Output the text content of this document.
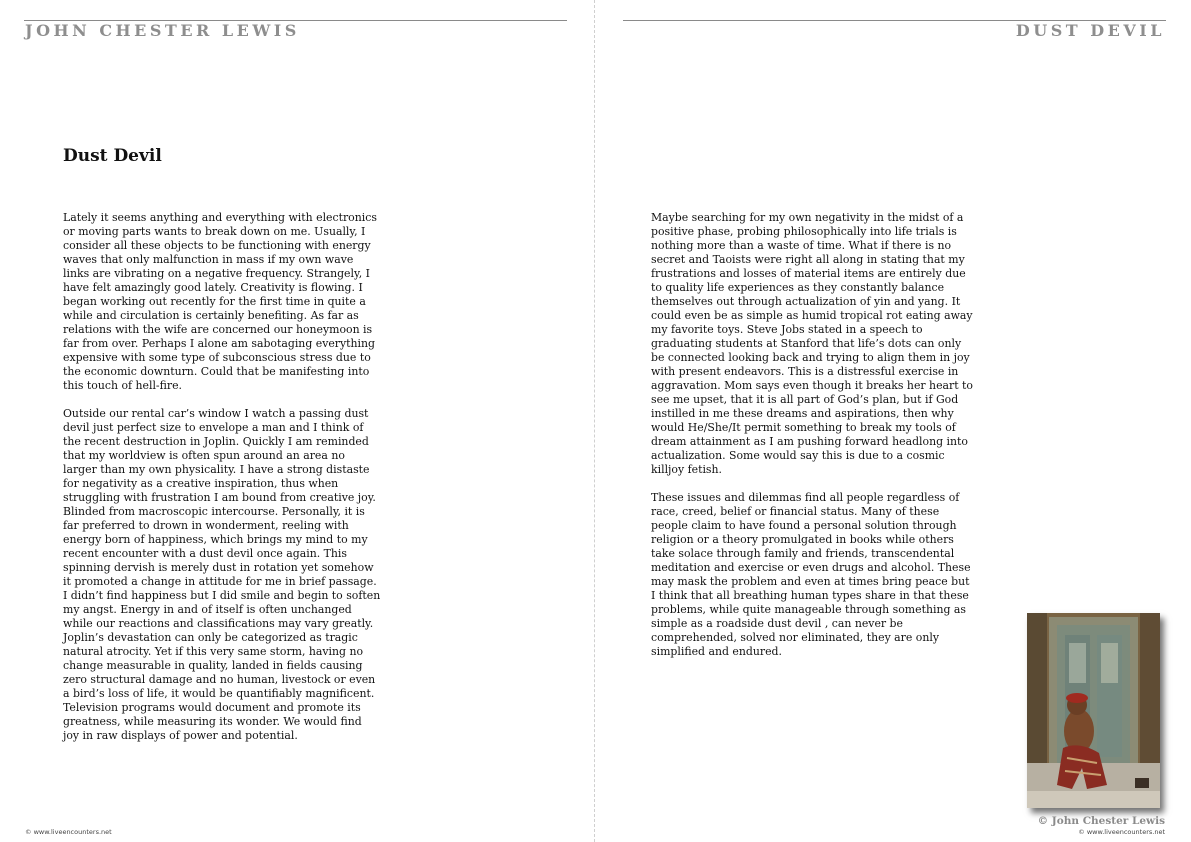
JOHN CHESTER LEWIS
Dust Devil

Lately it seems anything and everything with electronics or moving parts wants to break down on me. Usually, I consider all these objects to be functioning with energy waves that only malfunction in mass if my own wave links are vibrating on a negative frequency. Strangely, I have felt amazingly good lately. Creativity is flowing. I began working out recently for the first time in quite a while and circulation is certainly benefiting. As far as relations with the wife are concerned our honeymoon is far from over. Perhaps I alone am sabotaging everything expensive with some type of subconscious stress due to the economic downturn. Could that be manifesting into this touch of hell-fire.

Outside our rental car’s window I watch a passing dust devil just perfect size to envelope a man and I think of the recent destruction in Joplin. Quickly I am reminded that my worldview is often spun around an area no larger than my own physicality. I have a strong distaste for negativity as a creative inspiration, thus when struggling with frustration I am bound from creative joy. Blinded from macroscopic intercourse. Personally, it is far preferred to drown in wonderment, reeling with energy born of happiness, which brings my mind to my recent encounter with a dust devil once again. This spinning dervish is merely dust in rotation yet somehow it promoted a change in attitude for me in brief passage. I didn’t find happiness but I did smile and begin to soften my angst. Energy in and of itself is often unchanged while our reactions and classifications may vary greatly. Joplin’s devastation can only be categorized as tragic natural atrocity. Yet if this very same storm, having no change measurable in quality, landed in fields causing zero structural damage and no human, livestock or even a bird’s loss of life, it would be quantifiably magnificent. Television programs would document and promote its greatness, while measuring its wonder. We would find joy in raw displays of power and potential.

© www.liveencounters.net
DUST DEVIL

Maybe searching for my own negativity in the midst of a positive phase, probing philosophically into life trials is nothing more than a waste of time. What if there is no secret and Taoists were right all along in stating that my frustrations and losses of material items are entirely due to quality life experiences as they constantly balance themselves out through actualization of yin and yang. It could even be as simple as humid tropical rot eating away my favorite toys. Steve Jobs stated in a speech to graduating students at Stanford that life’s dots can only be connected looking back and trying to align them in joy with present endeavors. This is a distressful exercise in aggravation. Mom says even though it breaks her heart to see me upset, that it is all part of God’s plan, but if God instilled in me these dreams and aspirations, then why would He/She/It permit something to break my tools of dream attainment as I am pushing forward headlong into actualization. Some would say this is due to a cosmic killjoy fetish.

These issues and dilemmas find all people regardless of race, creed, belief or financial status. Many of these people claim to have found a personal solution through religion or a theory promulgated in books while others take solace through family and friends, transcendental meditation and exercise or even drugs and alcohol. These may mask the problem and even at times bring peace but I think that all breathing human types share in that these problems, while quite manageable through something as simple as a roadside dust devil , can never be comprehended, solved nor eliminated, they are only simplified and endured.

© John Chester Lewis
© www.liveencounters.net
